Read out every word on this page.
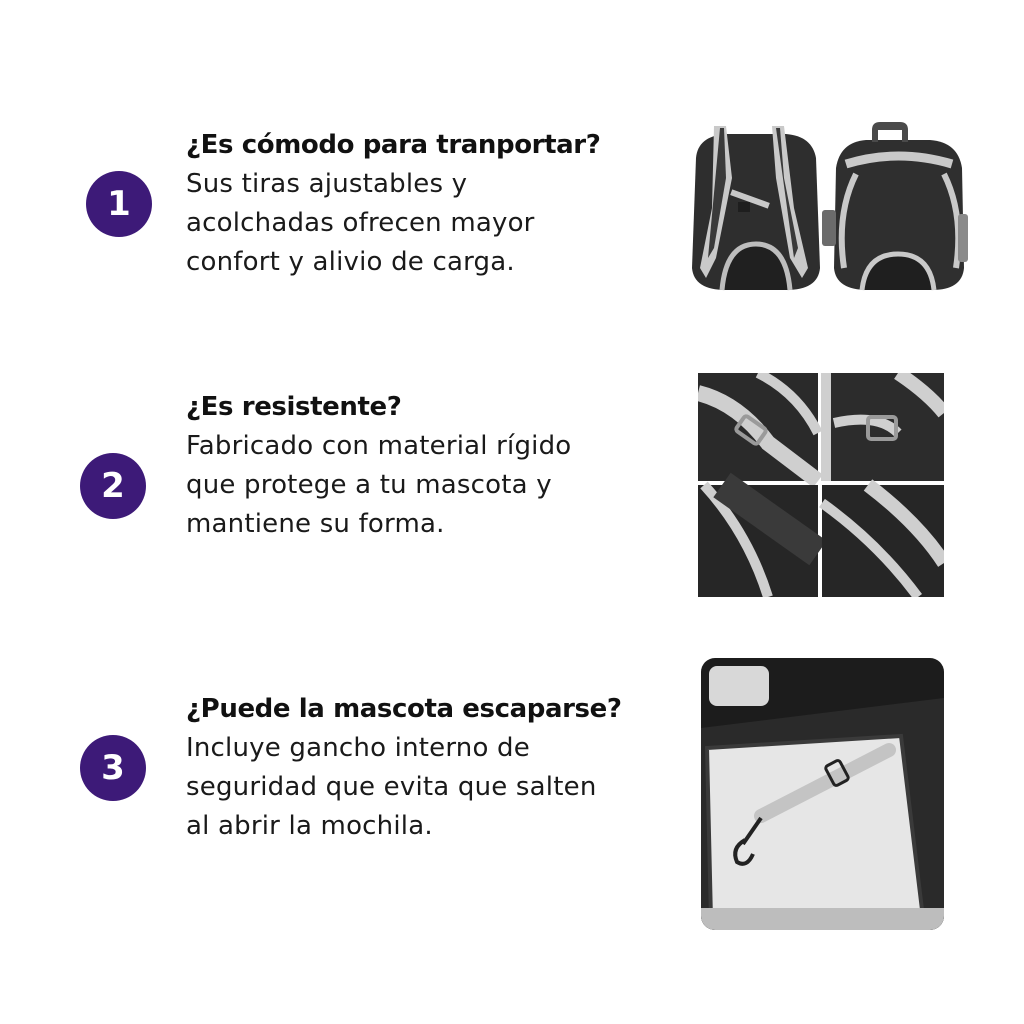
1
¿Es cómodo para tranportar?
Sus tiras ajustables y
acolchadas ofrecen mayor
confort y alivio de carga.
2
¿Es resistente?
Fabricado con material rígido
que protege a tu mascota y
mantiene su forma.
3
¿Puede la mascota escaparse?
Incluye gancho interno de
seguridad que evita que salten
al abrir la mochila.
